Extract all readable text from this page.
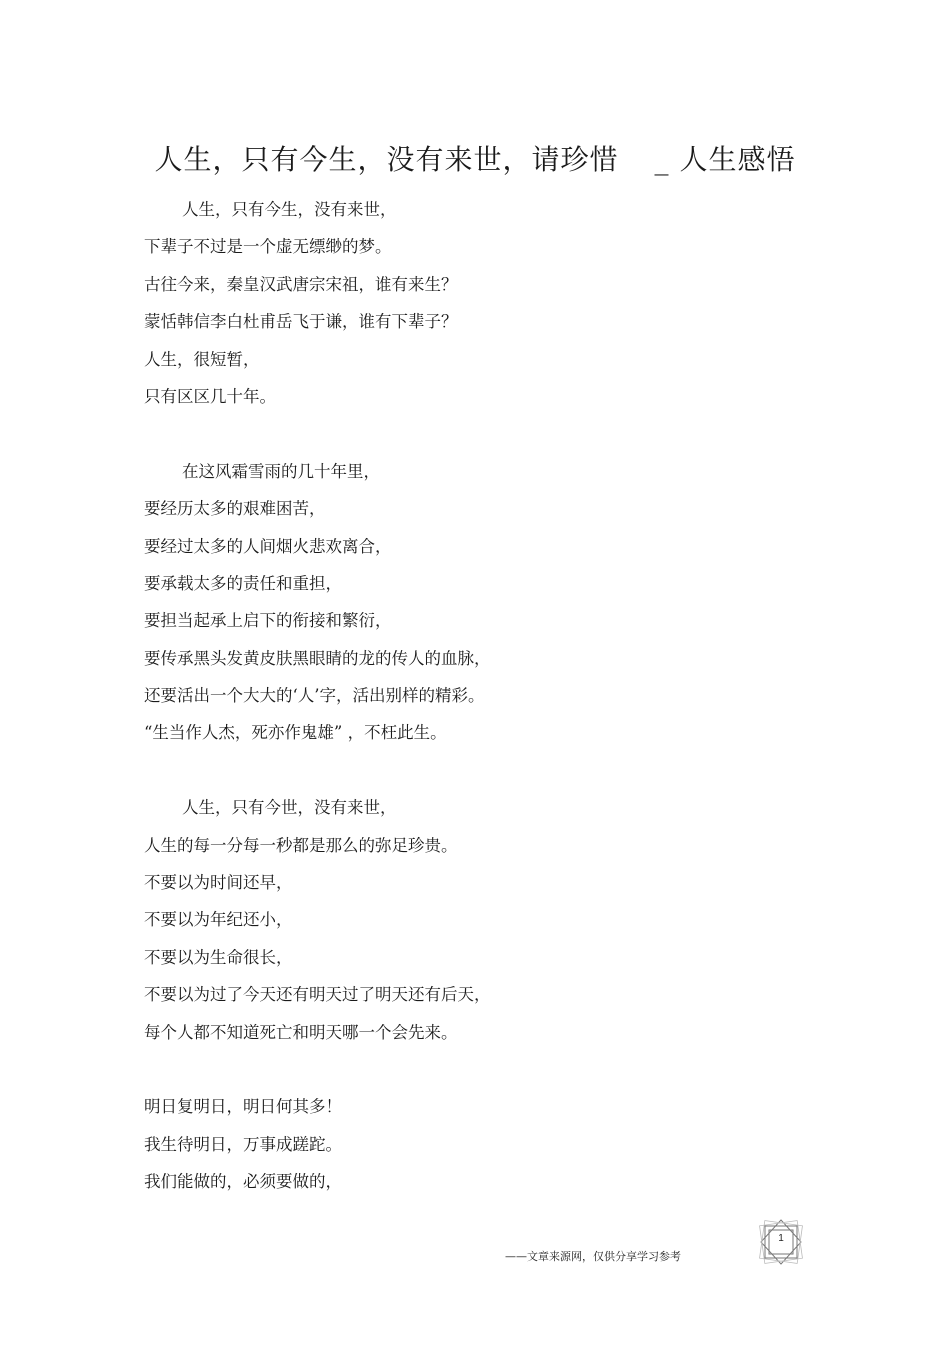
人生，只有今生，没有来世，请珍惜 _ 人生感悟
人生，只有今生，没有来世，
下辈子不过是一个虚无缥缈的梦。
古往今来，秦皇汉武唐宗宋祖，谁有来生？
蒙恬韩信李白杜甫岳飞于谦，谁有下辈子？
人生，很短暂，
只有区区几十年。
在这风霜雪雨的几十年里，
要经历太多的艰难困苦，
要经过太多的人间烟火悲欢离合，
要承载太多的责任和重担，
要担当起承上启下的衔接和繁衍，
要传承黑头发黄皮肤黑眼睛的龙的传人的血脉，
还要活出一个大大的‘人’字，活出别样的精彩。
“生当作人杰，死亦作鬼雄” ，不枉此生。
人生，只有今世，没有来世，
人生的每一分每一秒都是那么的弥足珍贵。
不要以为时间还早，
不要以为年纪还小，
不要以为生命很长，
不要以为过了今天还有明天过了明天还有后天，
每个人都不知道死亡和明天哪一个会先来。
明日复明日，明日何其多！
我生待明日，万事成蹉跎。
我们能做的，必须要做的，
——文章来源网，仅供分享学习参考
1
